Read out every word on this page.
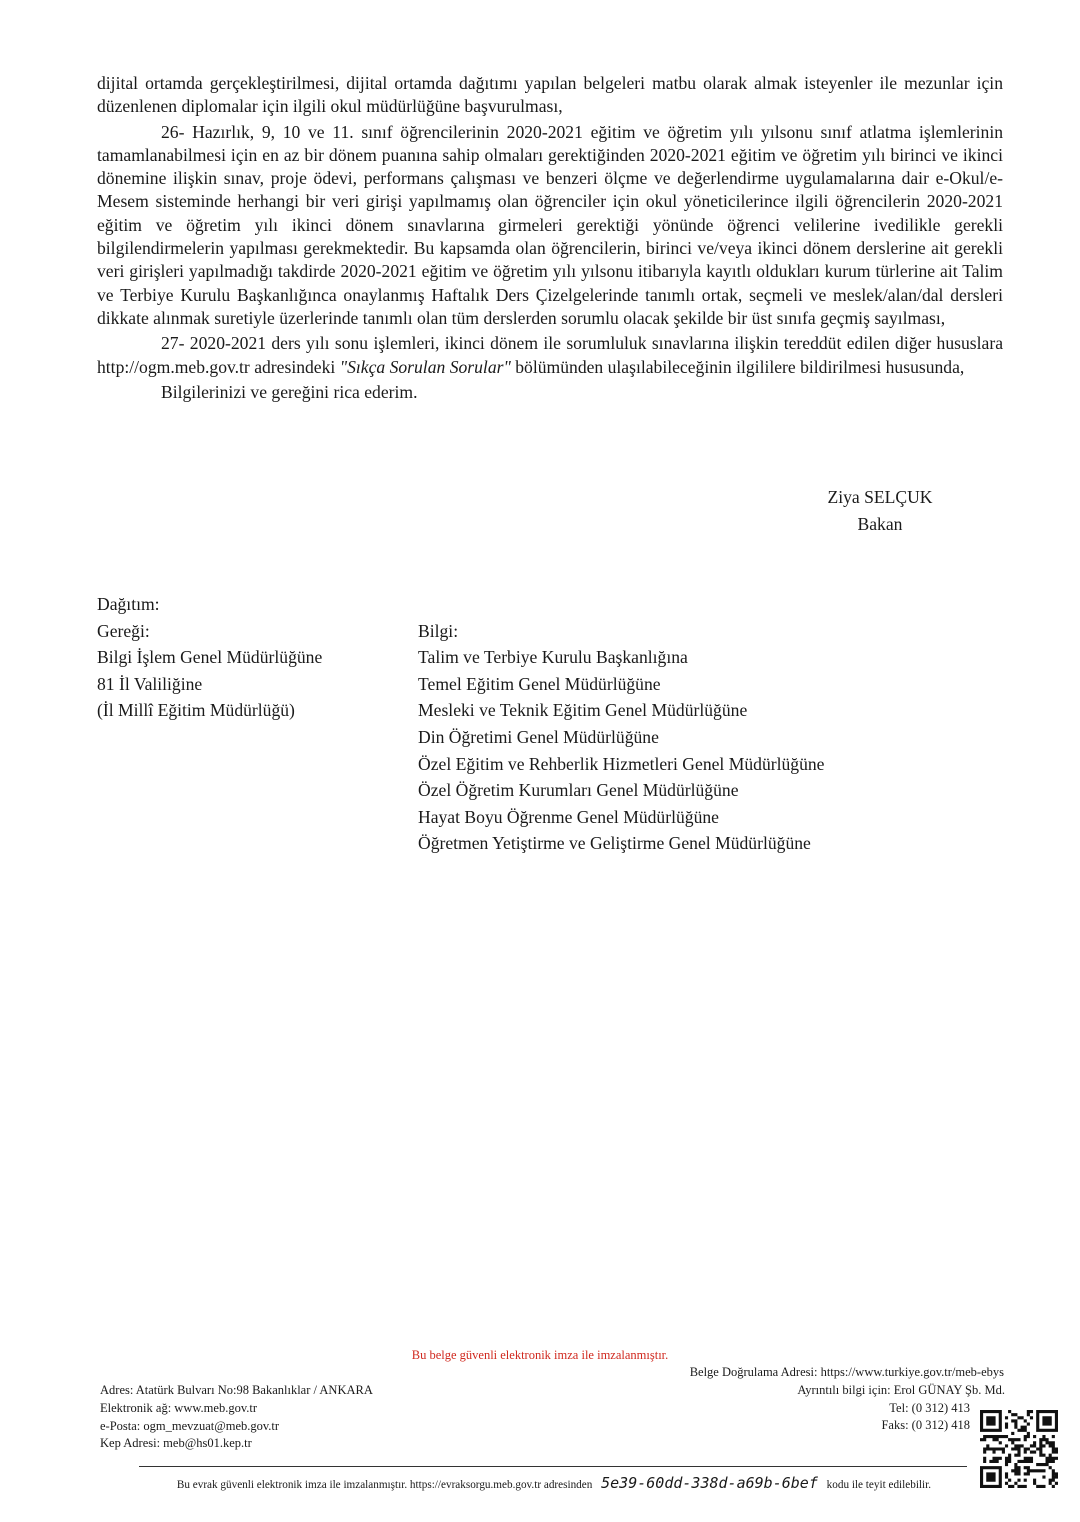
dijital ortamda gerçekleştirilmesi, dijital ortamda dağıtımı yapılan belgeleri matbu olarak almak isteyenler ile mezunlar için düzenlenen diplomalar için ilgili okul müdürlüğüne başvurulması,

26- Hazırlık, 9, 10 ve 11. sınıf öğrencilerinin 2020-2021 eğitim ve öğretim yılı yılsonu sınıf atlatma işlemlerinin tamamlanabilmesi için en az bir dönem puanına sahip olmaları gerektiğinden 2020-2021 eğitim ve öğretim yılı birinci ve ikinci dönemine ilişkin sınav, proje ödevi, performans çalışması ve benzeri ölçme ve değerlendirme uygulamalarına dair e-Okul/e-Mesem sisteminde herhangi bir veri girişi yapılmamış olan öğrenciler için okul yöneticilerince ilgili öğrencilerin 2020-2021 eğitim ve öğretim yılı ikinci dönem sınavlarına girmeleri gerektiği yönünde öğrenci velilerine ivedilikle gerekli bilgilendirmelerin yapılması gerekmektedir. Bu kapsamda olan öğrencilerin, birinci ve/veya ikinci dönem derslerine ait gerekli veri girişleri yapılmadığı takdirde 2020-2021 eğitim ve öğretim yılı yılsonu itibarıyla kayıtlı oldukları kurum türlerine ait Talim ve Terbiye Kurulu Başkanlığınca onaylanmış Haftalık Ders Çizelgelerinde tanımlı ortak, seçmeli ve meslek/alan/dal dersleri dikkate alınmak suretiyle üzerlerinde tanımlı olan tüm derslerden sorumlu olacak şekilde bir üst sınıfa geçmiş sayılması,

27- 2020-2021 ders yılı sonu işlemleri, ikinci dönem ile sorumluluk sınavlarına ilişkin tereddüt edilen diğer hususlara http://ogm.meb.gov.tr adresindeki "Sıkça Sorulan Sorular" bölümünden ulaşılabileceğinin ilgililere bildirilmesi hususunda,

Bilgilerinizi ve gereğini rica ederim.

Ziya SELÇUK
Bakan
Dağıtım:
Gereği:
Bilgi İşlem Genel Müdürlüğüne
81 İl Valiliğine
(İl Millî Eğitim Müdürlüğü)
Bilgi:
Talim ve Terbiye Kurulu Başkanlığına
Temel Eğitim Genel Müdürlüğüne
Mesleki ve Teknik Eğitim Genel Müdürlüğüne
Din Öğretimi Genel Müdürlüğüne
Özel Eğitim ve Rehberlik Hizmetleri Genel Müdürlüğüne
Özel Öğretim Kurumları Genel Müdürlüğüne
Hayat Boyu Öğrenme Genel Müdürlüğüne
Öğretmen Yetiştirme ve Geliştirme Genel Müdürlüğüne
Bu belge güvenli elektronik imza ile imzalanmıştır.
Adres: Atatürk Bulvarı No:98 Bakanlıklar / ANKARA
Elektronik ağ: www.meb.gov.tr
e-Posta: ogm_mevzuat@meb.gov.tr
Kep Adresi: meb@hs01.kep.tr
Belge Doğrulama Adresi: https://www.turkiye.gov.tr/meb-ebys
Ayrıntılı bilgi için: Erol GÜNAY Şb. Md.
Tel: (0 312) 413
Faks: (0 312) 418
Bu evrak güvenli elektronik imza ile imzalanmıştır. https://evraksorgu.meb.gov.tr adresinden 5e39-60dd-338d-a69b-6bef kodu ile teyit edilebilir.
